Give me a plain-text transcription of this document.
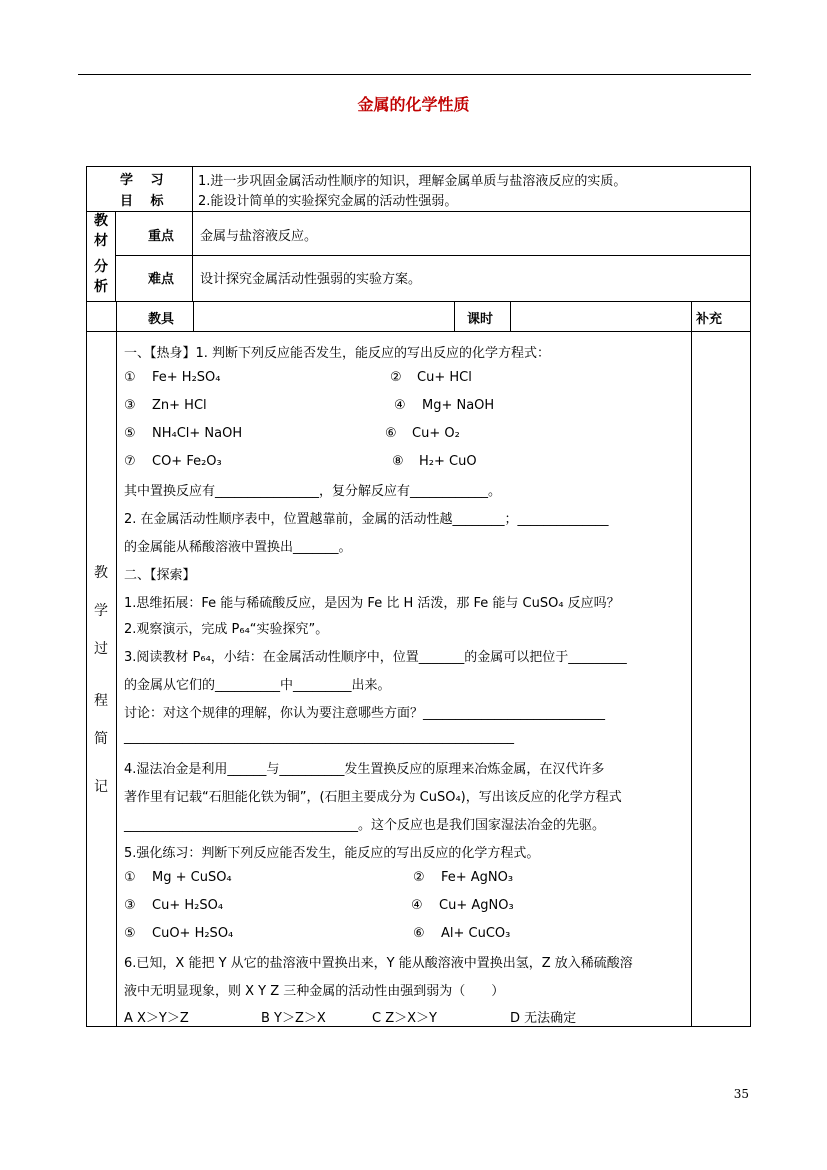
金属的化学性质
学　 习
目　 标
1.进一步巩固金属活动性顺序的知识，理解金属单质与盐溶液反应的实质。
2.能设计简单的实验探究金属的活动性强弱。
教
材
分
析
重点 金属与盐溶液反应。
难点 设计探究金属活动性强弱的实验方案。
教具	课时	补充
教
学
过
程
简
记
一、【热身】1. 判断下列反应能否发生，能反应的写出反应的化学方程式：
① Fe+ H₂SO₄	② Cu+ HCl
③ Zn+ HCl	④ Mg+ NaOH
⑤ NH₄Cl+ NaOH	⑥ Cu+ O₂
⑦ CO+ Fe₂O₃	⑧ H₂+ CuO
其中置换反应有________________，复分解反应有____________。
2. 在金属活动性顺序表中，位置越靠前，金属的活动性越________；______________
的金属能从稀酸溶液中置换出_______。
二、【探索】
1.思维拓展：Fe 能与稀硫酸反应，是因为 Fe 比 H 活泼，那 Fe 能与 CuSO₄ 反应吗？
2.观察演示，完成 P₆₄“实验探究”。
3.阅读教材 P₆₄，小结：在金属活动性顺序中，位置_______的金属可以把位于_________
的金属从它们的__________中_________出来。
讨论：对这个规律的理解，你认为要注意哪些方面？____________________________
____________________________________________________________
4.湿法冶金是利用______与__________发生置换反应的原理来冶炼金属，在汉代许多
著作里有记载“石胆能化铁为铜”，(石胆主要成分为 CuSO₄)，写出该反应的化学方程式
____________________________________。这个反应也是我们国家湿法冶金的先驱。
5.强化练习：判断下列反应能否发生，能反应的写出反应的化学方程式。
① Mg + CuSO₄	② Fe+ AgNO₃
③ Cu+ H₂SO₄	④ Cu+ AgNO₃
⑤ CuO+ H₂SO₄	⑥ Al+ CuCO₃
6.已知，X 能把 Y 从它的盐溶液中置换出来，Y 能从酸溶液中置换出氢，Z 放入稀硫酸溶
液中无明显现象，则 X Y Z 三种金属的活动性由强到弱为（　　）
A X＞Y＞Z	B Y＞Z＞X	C Z＞X＞Y	D 无法确定
35
